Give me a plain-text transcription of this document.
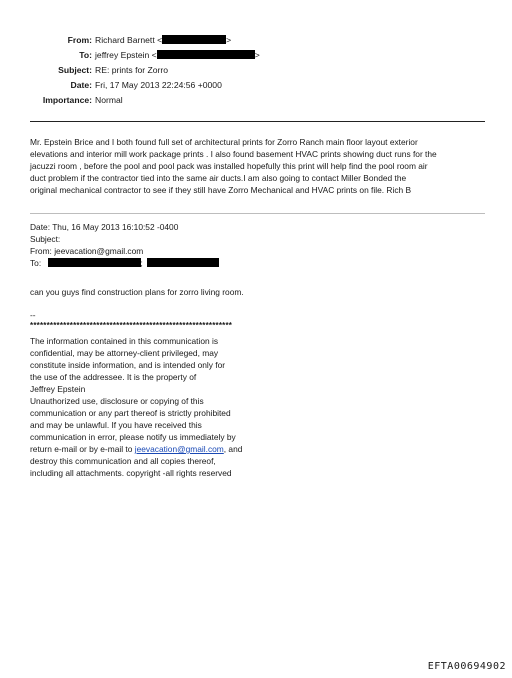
From: Richard Barnett <	>
To: jeffrey Epstein <	>
Subject: RE: prints for Zorro
Date: Fri, 17 May 2013 22:24:56 +0000
Importance: Normal
Mr. Epstein Brice and I both found full set of architectural prints for Zorro Ranch main floor layout exterior
elevations and interior mill work package prints . I also found basement HVAC prints showing duct runs for the
jacuzzi room , before the pool and pool pack was installed hopefully this print will help find the pool room air
duct problem if the contractor tied into the same air ducts.I am also going to contact Miller Bonded the
original mechanical contractor to see if they still have Zorro Mechanical and HVAC prints on file. Rich B
Date: Thu, 16 May 2013 16:10:52 -0400
Subject:
From: jeevacation@gmail.com
To:	;
can you guys find construction plans for zorro living room.
--
*************************************************************
The information contained in this communication is
confidential, may be attorney-client privileged, may
constitute inside information, and is intended only for
the use of the addressee. It is the property of
Jeffrey Epstein
Unauthorized use, disclosure or copying of this
communication or any part thereof is strictly prohibited
and may be unlawful. If you have received this
communication in error, please notify us immediately by
return e-mail or by e-mail to jeevacation@gmail.com, and
destroy this communication and all copies thereof,
including all attachments. copyright -all rights reserved
EFTA00694902
